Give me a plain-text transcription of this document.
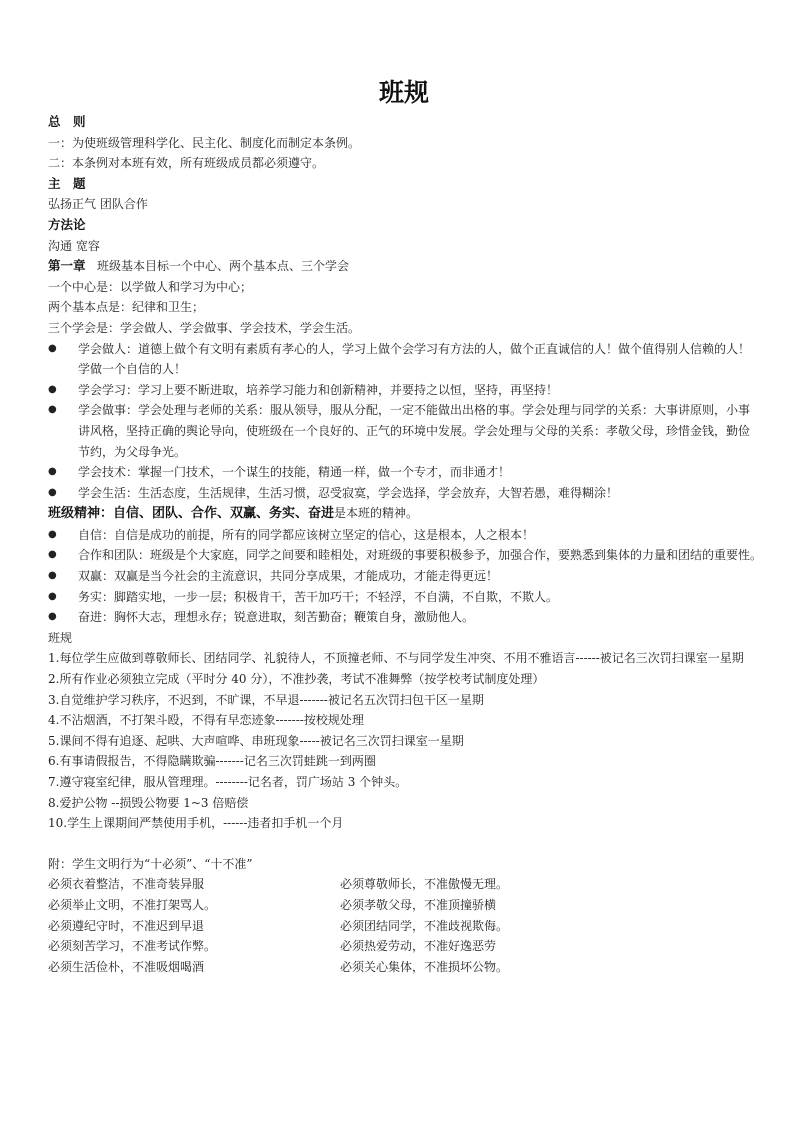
班规
总　则
一：为使班级管理科学化、民主化、制度化而制定本条例。
二：本条例对本班有效，所有班级成员都必须遵守。
主　题
弘扬正气 团队合作
方法论
沟通 宽容
第一章 班级基本目标一个中心、两个基本点、三个学会
一个中心是：以学做人和学习为中心；
两个基本点是：纪律和卫生；
三个学会是：学会做人、学会做事、学会技术，学会生活。
● 学会做人：道德上做个有文明有素质有孝心的人，学习上做个会学习有方法的人，做个正直诚信的人！做个值得别人信赖的人！学做一个自信的人！
● 学会学习：学习上要不断进取，培养学习能力和创新精神，并要持之以恒，坚持，再坚持！
● 学会做事：学会处理与老师的关系：服从领导，服从分配，一定不能做出出格的事。学会处理与同学的关系：大事讲原则，小事讲风格，坚持正确的舆论导向，使班级在一个良好的、正气的环境中发展。学会处理与父母的关系：孝敬父母，珍惜金钱，勤俭节约，为父母争光。
● 学会技术：掌握一门技术，一个谋生的技能，精通一样，做一个专才，而非通才！
● 学会生活：生活态度，生活规律，生活习惯，忍受寂寞，学会选择，学会放弃，大智若愚，难得糊涂！
班级精神：自信、团队、合作、双赢、务实、奋进是本班的精神。
● 自信：自信是成功的前提，所有的同学都应该树立坚定的信心，这是根本，人之根本！
● 合作和团队：班级是个大家庭，同学之间要和睦相处，对班级的事要积极参予，加强合作，要熟悉到集体的力量和团结的重要性。
● 双赢：双赢是当今社会的主流意识，共同分享成果，才能成功，才能走得更远！
● 务实：脚踏实地，一步一层；积极肯干，苦干加巧干；不轻浮，不自满，不自欺，不欺人。
● 奋进：胸怀大志，理想永存；锐意进取，刻苦勤奋；鞭策自身，激励他人。
班规
1.每位学生应做到尊敬师长、团结同学、礼貌待人，不顶撞老师、不与同学发生冲突、不用不雅语言------被记名三次罚扫课室一星期
2.所有作业必须独立完成（平时分 40 分），不准抄袭，考试不准舞弊（按学校考试制度处理）
3.自觉维护学习秩序，不迟到，不旷课，不早退-------被记名五次罚扫包干区一星期
4.不沾烟酒，不打架斗殴，不得有早恋迹象-------按校规处理
5.课间不得有追逐、起哄、大声喧哗、串班现象-----被记名三次罚扫课室一星期
6.有事请假报告，不得隐瞒欺骗-------记名三次罚蛙跳一到两圈
7.遵守寝室纪律，服从管理理。--------记名者，罚广场站 3 个钟头。
8.爱护公物 --损毁公物要 1~3 倍赔偿
10.学生上课期间严禁使用手机，------违者扣手机一个月
附：学生文明行为“十必须”、“十不准”
必须衣着整洁，不准奇装异服
必须举止文明，不准打架骂人。
必须遵纪守时，不准迟到早退
必须刻苦学习，不准考试作弊。
必须生活俭朴，不准吸烟喝酒
必须尊敬师长，不准傲慢无理。
必须孝敬父母，不准顶撞骄横
必须团结同学，不准歧视欺侮。
必须热爱劳动，不准好逸恶劳
必须关心集体，不准损坏公物。
